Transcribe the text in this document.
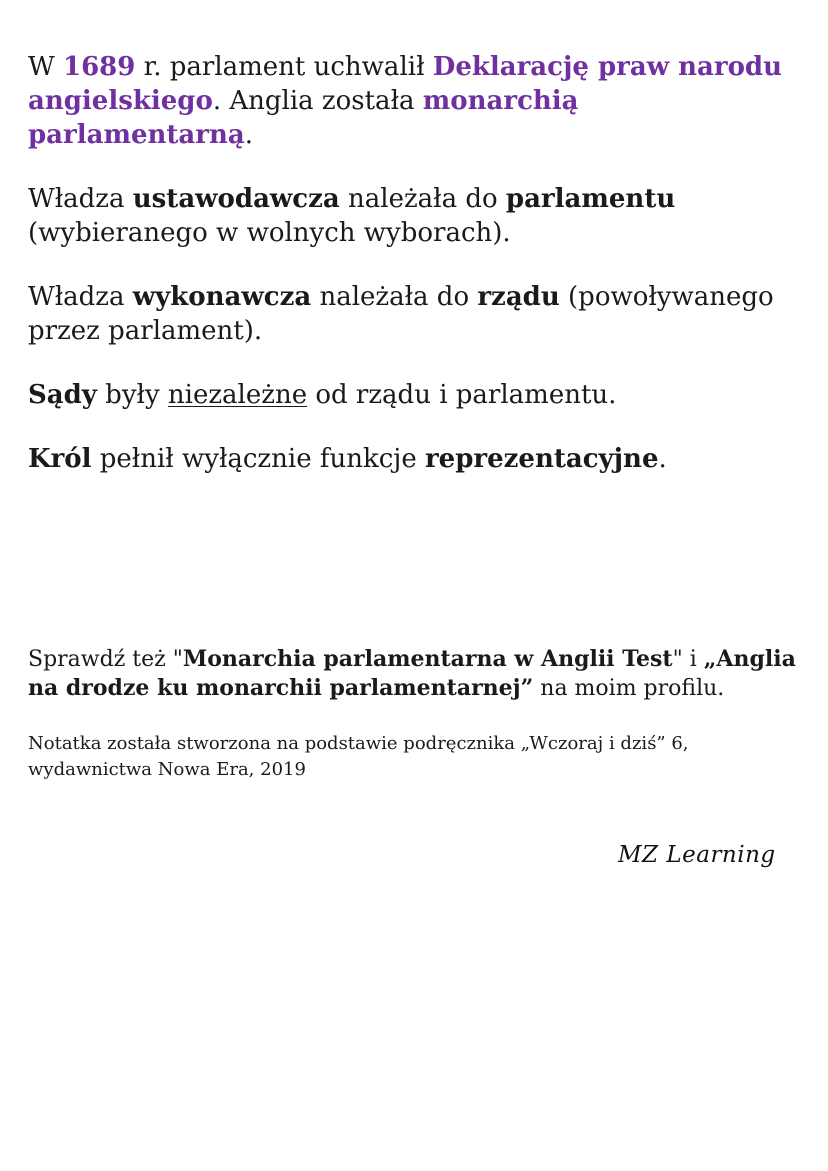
W 1689 r. parlament uchwalił Deklarację praw narodu angielskiego. Anglia została monarchią parlamentarną.

Władza ustawodawcza należała do parlamentu (wybieranego w wolnych wyborach).

Władza wykonawcza należała do rządu (powoływanego przez parlament).

Sądy były niezależne od rządu i parlamentu.

Król pełnił wyłącznie funkcje reprezentacyjne.

Sprawdź też "Monarchia parlamentarna w Anglii Test" i „Anglia na drodze ku monarchii parlamentarnej” na moim profilu.

Notatka została stworzona na podstawie podręcznika „Wczoraj i dziś” 6, wydawnictwa Nowa Era, 2019

MZ Learning
